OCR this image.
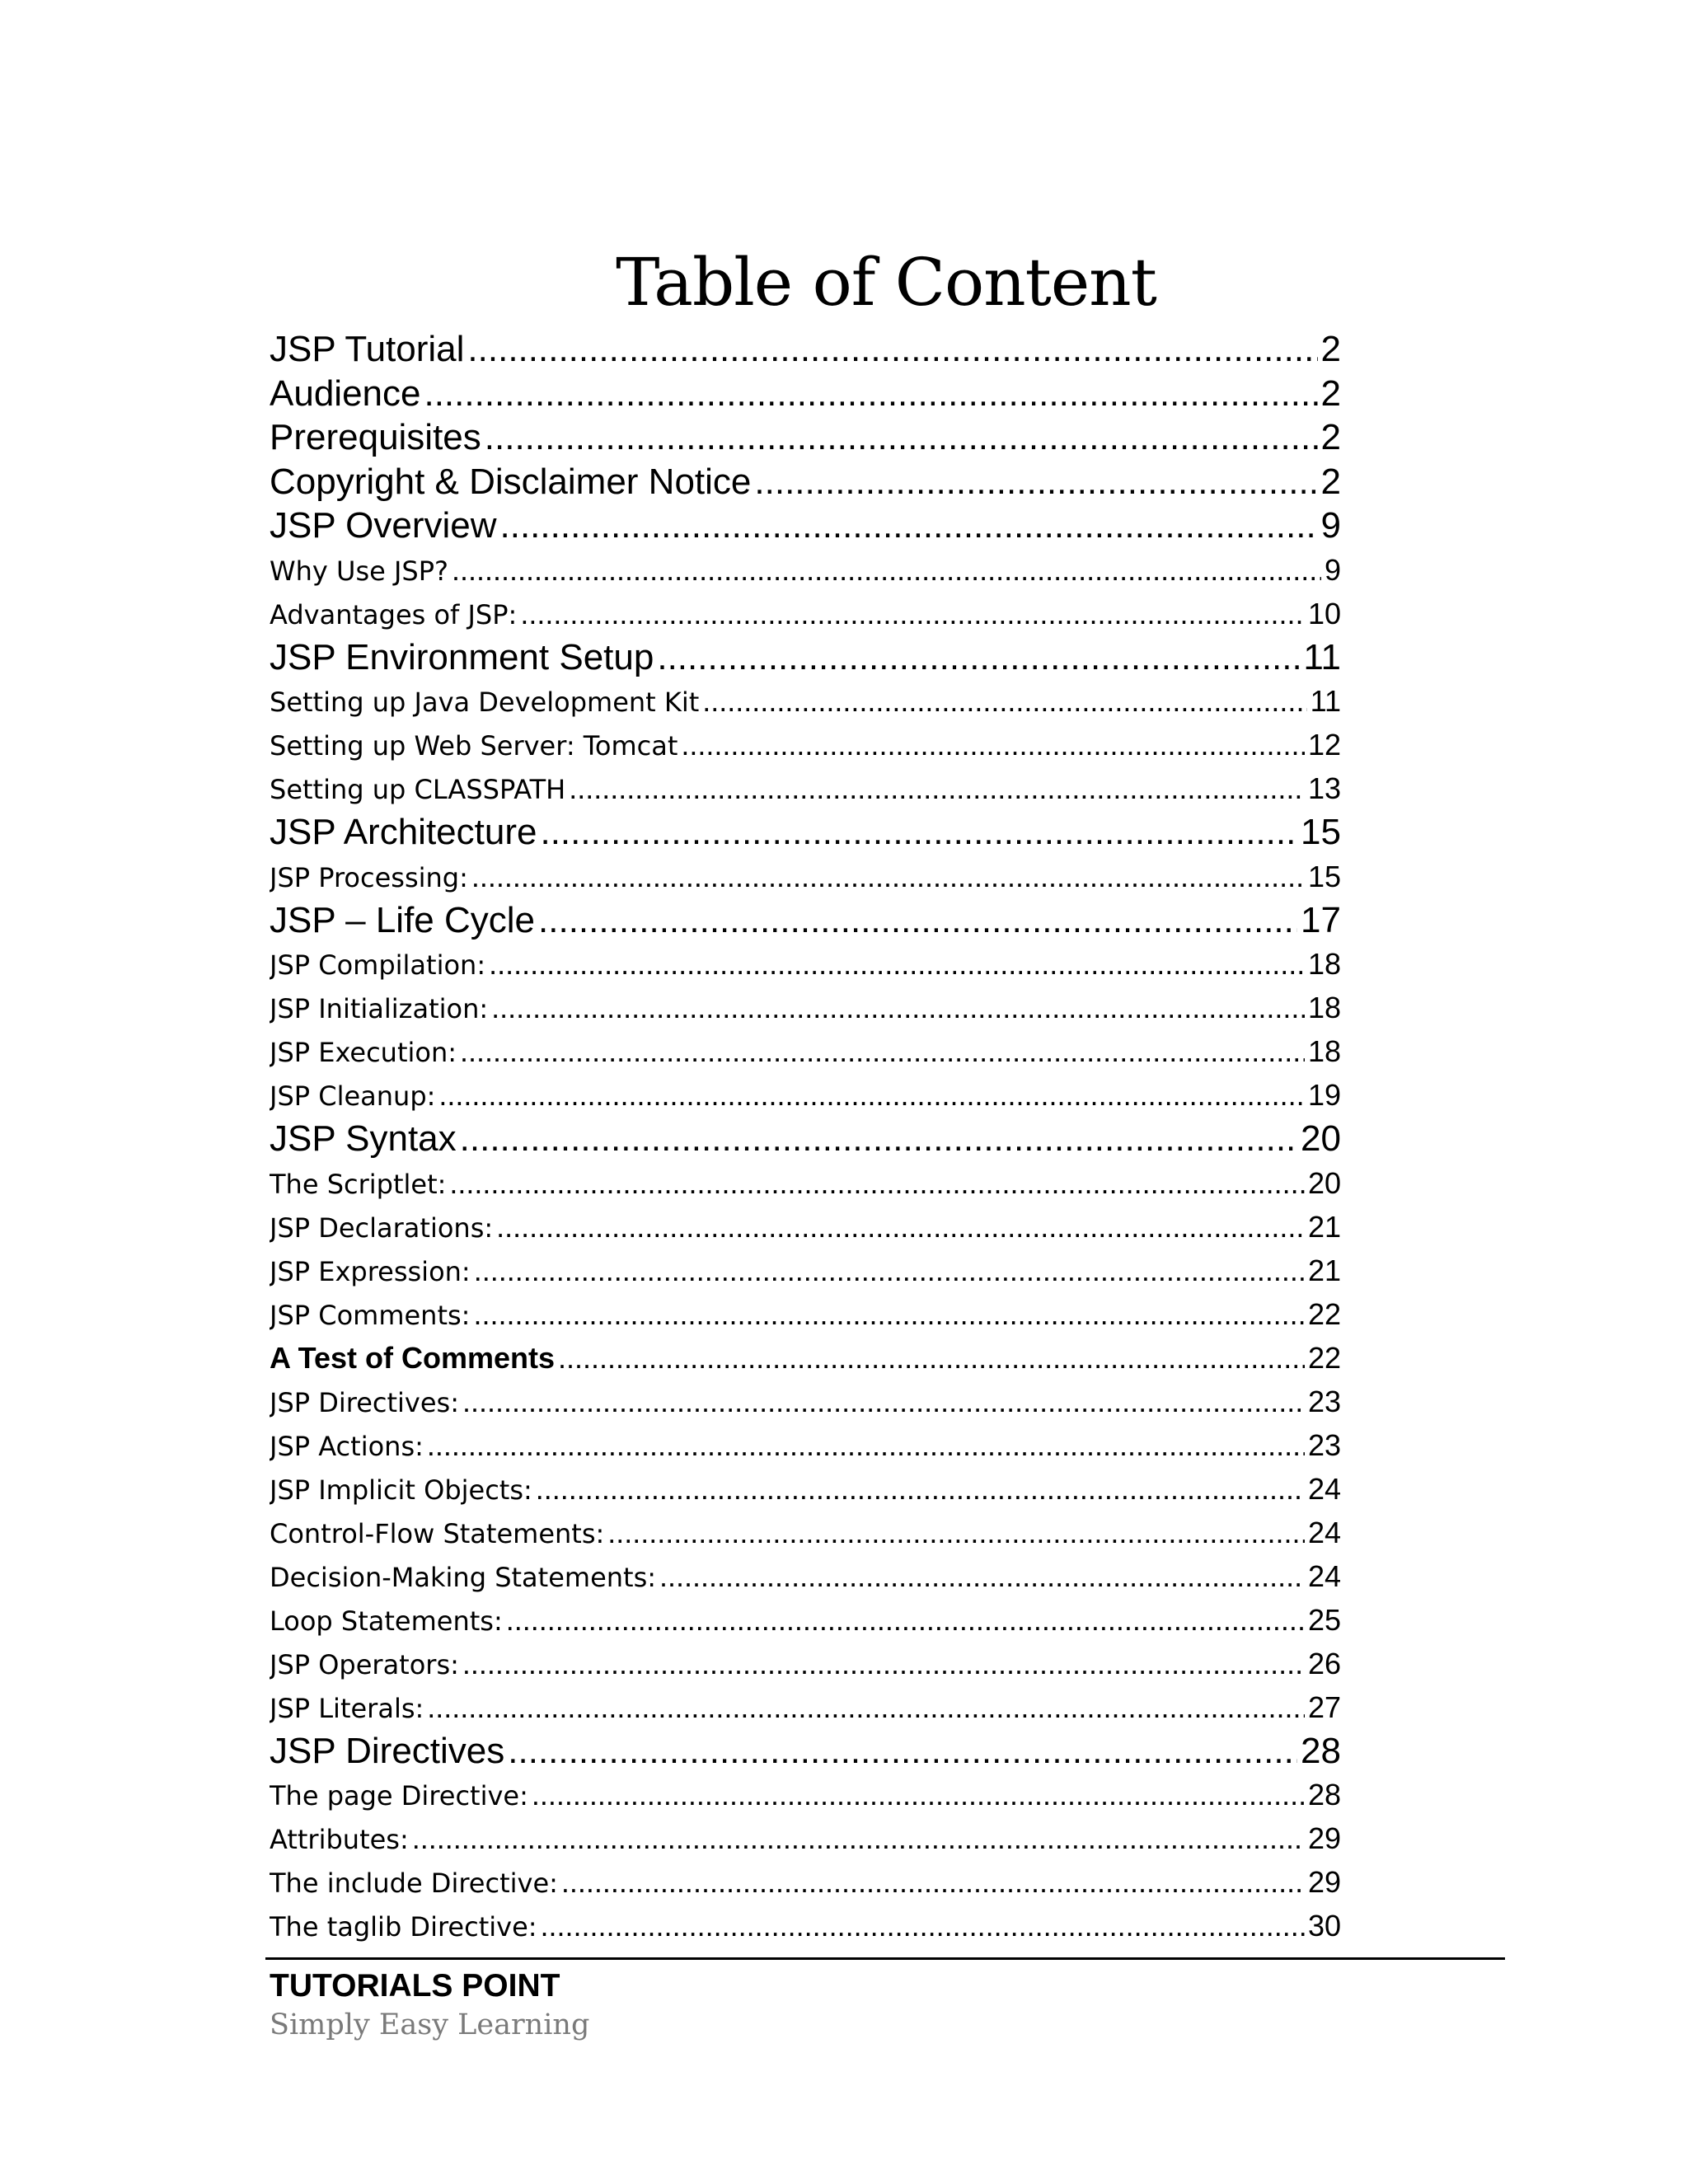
Table of Content
JSP Tutorial .....	2
Audience .....	2
Prerequisites .....	2
Copyright & Disclaimer Notice .....	2
JSP Overview .....	9
Why Use JSP? .....	9
Advantages of JSP: .....	10
JSP Environment Setup .....	11
Setting up Java Development Kit .....	11
Setting up Web Server: Tomcat .....	12
Setting up CLASSPATH .....	13
JSP Architecture .....	15
JSP Processing: .....	15
JSP – Life Cycle .....	17
JSP Compilation: .....	18
JSP Initialization: .....	18
JSP Execution: .....	18
JSP Cleanup: .....	19
JSP Syntax .....	20
The Scriptlet: .....	20
JSP Declarations: .....	21
JSP Expression: .....	21
JSP Comments: .....	22
A Test of Comments .....	22
JSP Directives: .....	23
JSP Actions: .....	23
JSP Implicit Objects: .....	24
Control-Flow Statements: .....	24
Decision-Making Statements: .....	24
Loop Statements: .....	25
JSP Operators: .....	26
JSP Literals: .....	27
JSP Directives .....	28
The page Directive: .....	28
Attributes: .....	29
The include Directive: .....	29
The taglib Directive: .....	30
TUTORIALS POINT
Simply Easy Learning
